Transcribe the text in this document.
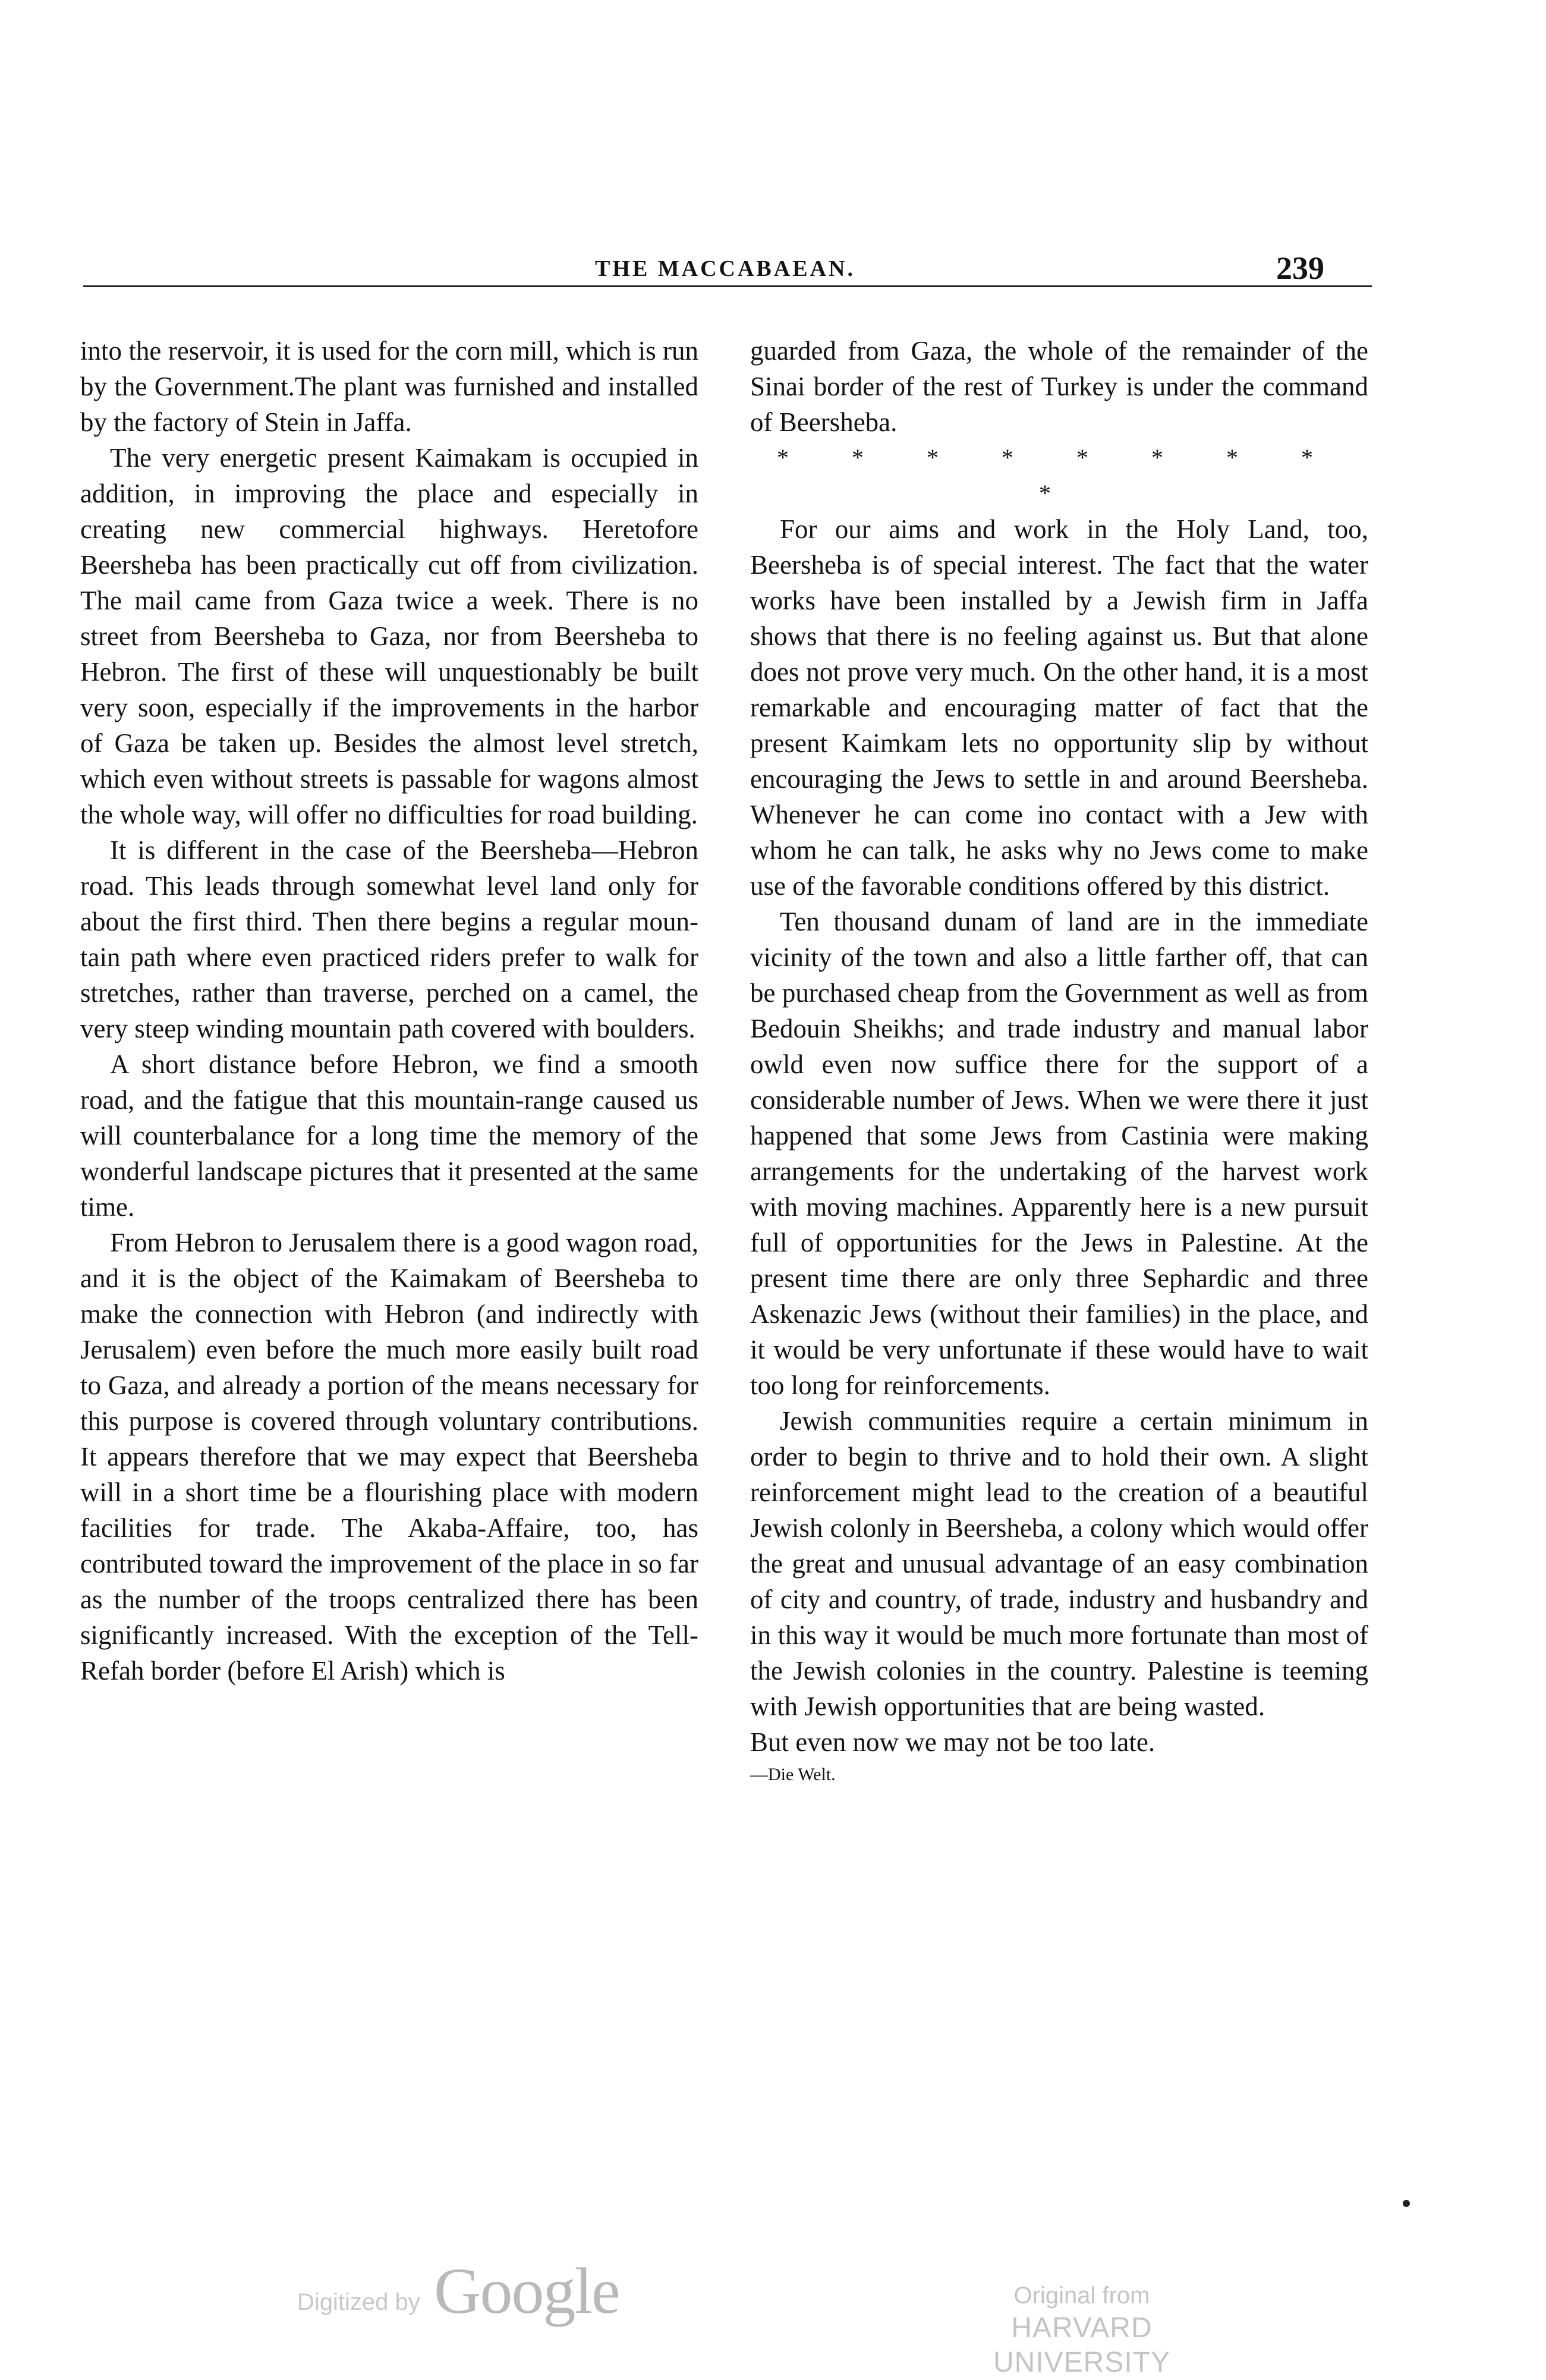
THE MACCABAEAN.	239

into the reservoir, it is used for the corn mill, which is run by the Government.The plant was furnished and installed by the factory of Stein in Jaffa.

The very energetic present Kaimakam is occupied in addition, in improving the place and especially in creating new commercial highways. Heretofore Beersheba has been practically cut off from civilization. The mail came from Gaza twice a week. There is no street from Beersheba to Gaza, nor from Beersheba to Hebron. The first of these will unquestionably be built very soon, especially if the improvements in the harbor of Gaza be taken up. Besides the almost level stretch, which even without streets is passable for wagons almost the whole way, will offer no difficulties for road building.

It is different in the case of the Beersheba—Hebron road. This leads through somewhat level land only for about the first third. Then there begins a regular mountain path where even practiced riders prefer to walk for stretches, rather than traverse, perched on a camel, the very steep winding mountain path covered with boulders.

A short distance before Hebron, we find a smooth road, and the fatigue that this mountain-range caused us will counterbalance for a long time the memory of the wonderful landscape pictures that it presented at the same time.

From Hebron to Jerusalem there is a good wagon road, and it is the object of the Kaimakam of Beersheba to make the connection with Hebron (and indirectly with Jerusalem) even before the much more easily built road to Gaza, and already a portion of the means necessary for this purpose is covered through voluntary contributions. It appears therefore that we may expect that Beersheba will in a short time be a flourishing place with modern facilities for trade. The Akaba-Affaire, too, has contributed toward the improvement of the place in so far as the number of the troops centralized there has been significantly increased. With the exception of the Tell-Refah border (before El Arish) which is

guarded from Gaza, the whole of the remainder of the Sinai border of the rest of Turkey is under the command of Beersheba.

* * * * * * * * *

For our aims and work in the Holy Land, too, Beersheba is of special interest. The fact that the water works have been installed by a Jewish firm in Jaffa shows that there is no feeling against us. But that alone does not prove very much. On the other hand, it is a most remarkable and encouraging matter of fact that the present Kaimkam lets no opportunity slip by without encouraging the Jews to settle in and around Beersheba. Whenever he can come ino contact with a Jew with whom he can talk, he asks why no Jews come to make use of the favorable conditions offered by this district.

Ten thousand dunam of land are in the immediate vicinity of the town and also a little farther off, that can be purchased cheap from the Government as well as from Bedouin Sheikhs; and trade industry and manual labor owld even now suffice there for the support of a considerable number of Jews. When we were there it just happened that some Jews from Castinia were making arrangements for the undertaking of the harvest work with moving machines. Apparently here is a new pursuit full of opportunities for the Jews in Palestine. At the present time there are only three Sephardic and three Askenazic Jews (without their families) in the place, and it would be very unfortunate if these would have to wait too long for reinforcements.

Jewish communities require a certain minimum in order to begin to thrive and to hold their own. A slight reinforcement might lead to the creation of a beautiful Jewish colonly in Beersheba, a colony which would offer the great and unusual advantage of an easy combination of city and country, of trade, industry and husbandry and in this way it would be much more fortunate than most of the Jewish colonies in the country. Palestine is teeming with Jewish opportunities that are being wasted.

But even now we may not be too late.

—Die Welt.

Digitized by Google	Original from
HARVARD UNIVERSITY
